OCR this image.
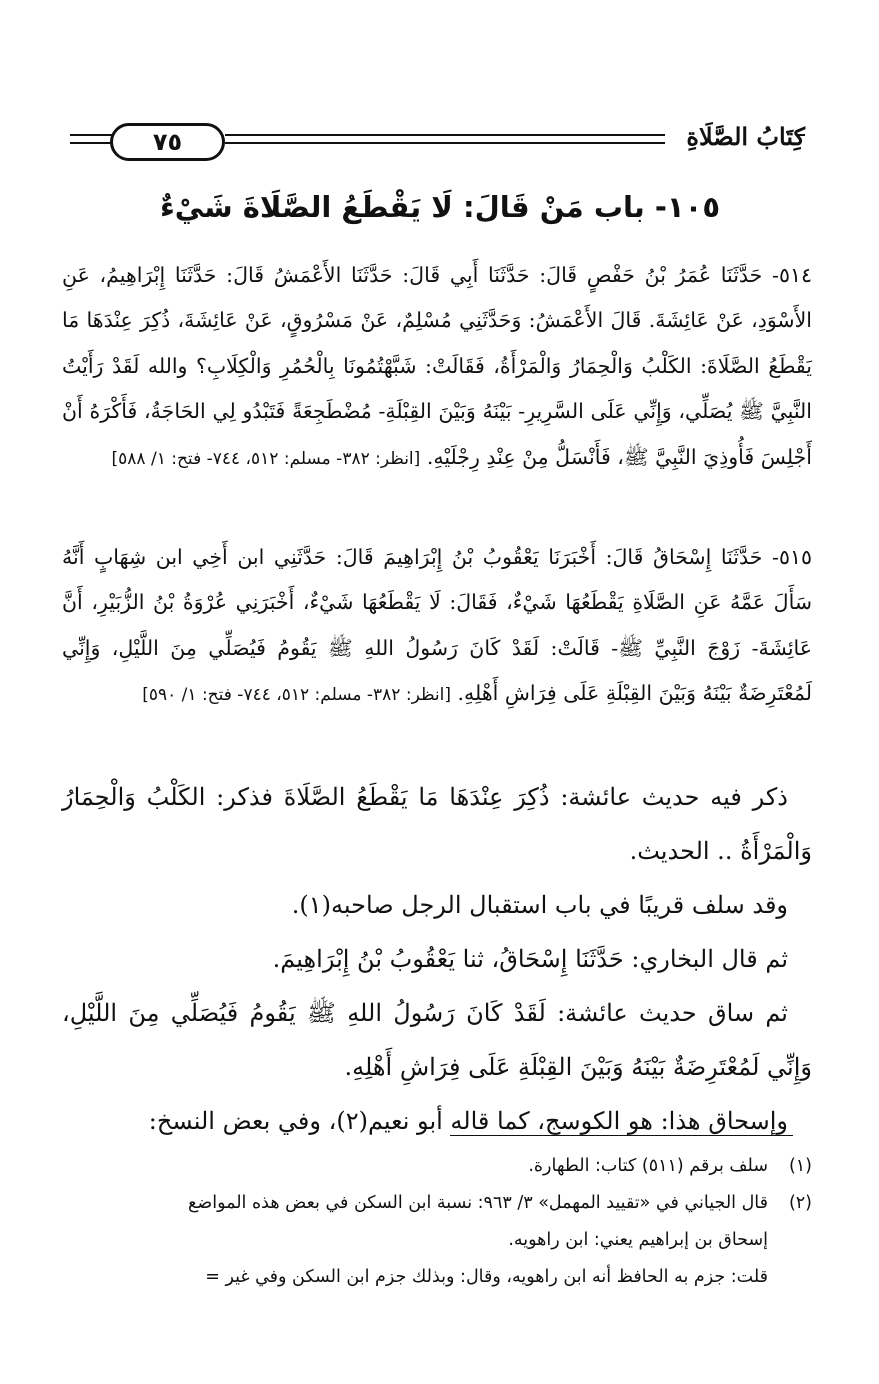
كِتَابُ الصَّلَاةِ
٧٥
١٠٥- باب مَنْ قَالَ: لَا يَقْطَعُ الصَّلَاةَ شَيْءٌ
٥١٤- حَدَّثَنَا عُمَرُ بْنُ حَفْصٍ قَالَ: حَدَّثَنَا أَبِي قَالَ: حَدَّثَنَا الأَعْمَشُ قَالَ: حَدَّثَنَا إِبْرَاهِيمُ، عَنِ الأَسْوَدِ، عَنْ عَائِشَةَ. قَالَ الأَعْمَشُ: وَحَدَّثَنِي مُسْلِمٌ، عَنْ مَسْرُوقٍ، عَنْ عَائِشَةَ، ذُكِرَ عِنْدَهَا مَا يَقْطَعُ الصَّلَاةَ: الكَلْبُ وَالْحِمَارُ وَالْمَرْأَةُ، فَقَالَتْ: شَبَّهْتُمُونَا بِالْحُمُرِ وَالْكِلَابِ؟ والله لَقَدْ رَأَيْتُ النَّبِيَّ ﷺ يُصَلِّي، وَإِنِّي عَلَى السَّرِيرِ- بَيْنَهُ وَبَيْنَ القِبْلَةِ- مُضْطَجِعَةً فَتَبْدُو لِي الحَاجَةُ، فَأَكْرَهُ أَنْ أَجْلِسَ فَأُوذِيَ النَّبِيَّ ﷺ، فَأَنْسَلُّ مِنْ عِنْدِ رِجْلَيْهِ. [انظر: ٣٨٢- مسلم: ٥١٢، ٧٤٤- فتح: ١/ ٥٨٨]
٥١٥- حَدَّثَنَا إِسْحَاقُ قَالَ: أَخْبَرَنَا يَعْقُوبُ بْنُ إِبْرَاهِيمَ قَالَ: حَدَّثَنِي ابن أَخِي ابن شِهَابٍ أَنَّهُ سَأَلَ عَمَّهُ عَنِ الصَّلَاةِ يَقْطَعُهَا شَيْءٌ، فَقَالَ: لَا يَقْطَعُهَا شَيْءٌ، أَخْبَرَنِي عُرْوَةُ بْنُ الزُّبَيْرِ، أَنَّ عَائِشَةَ- زَوْجَ النَّبِيِّ ﷺ- قَالَتْ: لَقَدْ كَانَ رَسُولُ اللهِ ﷺ يَقُومُ فَيُصَلِّي مِنَ اللَّيْلِ، وَإِنِّي لَمُعْتَرِضَةٌ بَيْنَهُ وَبَيْنَ القِبْلَةِ عَلَى فِرَاشِ أَهْلِهِ. [انظر: ٣٨٢- مسلم: ٥١٢، ٧٤٤- فتح: ١/ ٥٩٠]

ذكر فيه حديث عائشة: ذُكِرَ عِنْدَهَا مَا يَقْطَعُ الصَّلَاةَ فذكر: الكَلْبُ وَالْحِمَارُ وَالْمَرْأَةُ .. الحديث.

وقد سلف قريبًا في باب استقبال الرجل صاحبه(١).

ثم قال البخاري: حَدَّثَنَا إِسْحَاقُ، ثنا يَعْقُوبُ بْنُ إِبْرَاهِيمَ.

ثم ساق حديث عائشة: لَقَدْ كَانَ رَسُولُ اللهِ ﷺ يَقُومُ فَيُصَلِّي مِنَ اللَّيْلِ، وَإِنِّي لَمُعْتَرِضَةٌ بَيْنَهُ وَبَيْنَ القِبْلَةِ عَلَى فِرَاشِ أَهْلِهِ.

وإسحاق هذا: هو الكوسج، كما قاله أبو نعيم(٢)، وفي بعض النسخ:

(١)سلف برقم (٥١١) كتاب: الطهارة.

(٢)قال الجياني في «تقييد المهمل» ٣/ ٩٦٣: نسبة ابن السكن في بعض هذه المواضع

إسحاق بن إبراهيم يعني: ابن راهويه.

قلت: جزم به الحافظ أنه ابن راهويه، وقال: وبذلك جزم ابن السكن وفي غير =
